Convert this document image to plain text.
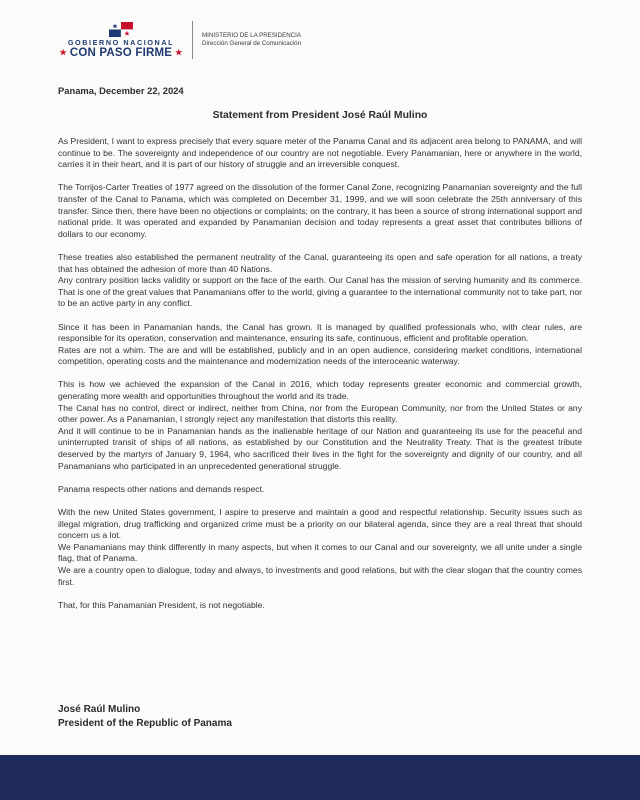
GOBIERNO NACIONAL
★ CON PASO FIRME ★
MINISTERIO DE LA PRESIDENCIA
Dirección General de Comunicación
Panama, December 22, 2024
Statement from President José Raúl Mulino

As President, I want to express precisely that every square meter of the Panama Canal and its adjacent area belong to PANAMA, and will continue to be. The sovereignty and independence of our country are not negotiable. Every Panamanian, here or anywhere in the world, carries it in their heart, and it is part of our history of struggle and an irreversible conquest.

The Torrijos-Carter Treaties of 1977 agreed on the dissolution of the former Canal Zone, recognizing Panamanian sovereignty and the full transfer of the Canal to Panama, which was completed on December 31, 1999, and we will soon celebrate the 25th anniversary of this transfer. Since then, there have been no objections or complaints; on the contrary, it has been a source of strong international support and national pride. It was operated and expanded by Panamanian decision and today represents a great asset that contributes billions of dollars to our economy.

These treaties also established the permanent neutrality of the Canal, guaranteeing its open and safe operation for all nations, a treaty that has obtained the adhesion of more than 40 Nations.

Any contrary position lacks validity or support on the face of the earth. Our Canal has the mission of serving humanity and its commerce. That is one of the great values that Panamanians offer to the world, giving a guarantee to the international community not to take part, nor to be an active party in any conflict.

Since it has been in Panamanian hands, the Canal has grown. It is managed by qualified professionals who, with clear rules, are responsible for its operation, conservation and maintenance, ensuring its safe, continuous, efficient and profitable operation.

Rates are not a whim. The are and will be established, publicly and in an open audience, considering market conditions, international competition, operating costs and the maintenance and modernization needs of the interoceanic waterway.

This is how we achieved the expansion of the Canal in 2016, which today represents greater economic and commercial growth, generating more wealth and opportunities throughout the world and its trade.

The Canal has no control, direct or indirect, neither from China, nor from the European Community, nor from the United States or any other power. As a Panamanian, I strongly reject any manifestation that distorts this reality.

And it will continue to be in Panamanian hands as the inalienable heritage of our Nation and guaranteeing its use for the peaceful and uninterrupted transit of ships of all nations, as established by our Constitution and the Neutrality Treaty. That is the greatest tribute deserved by the martyrs of January 9, 1964, who sacrificed their lives in the fight for the sovereignty and dignity of our country, and all Panamanians who participated in an unprecedented generational struggle.

Panama respects other nations and demands respect.

With the new United States government, I aspire to preserve and maintain a good and respectful relationship. Security issues such as illegal migration, drug trafficking and organized crime must be a priority on our bilateral agenda, since they are a real threat that should concern us a lot.

We Panamanians may think differently in many aspects, but when it comes to our Canal and our sovereignty, we all unite under a single flag, that of Panama.

We are a country open to dialogue, today and always, to investments and good relations, but with the clear slogan that the country comes first.

That, for this Panamanian President, is not negotiable.

José Raúl Mulino
President of the Republic of Panama
